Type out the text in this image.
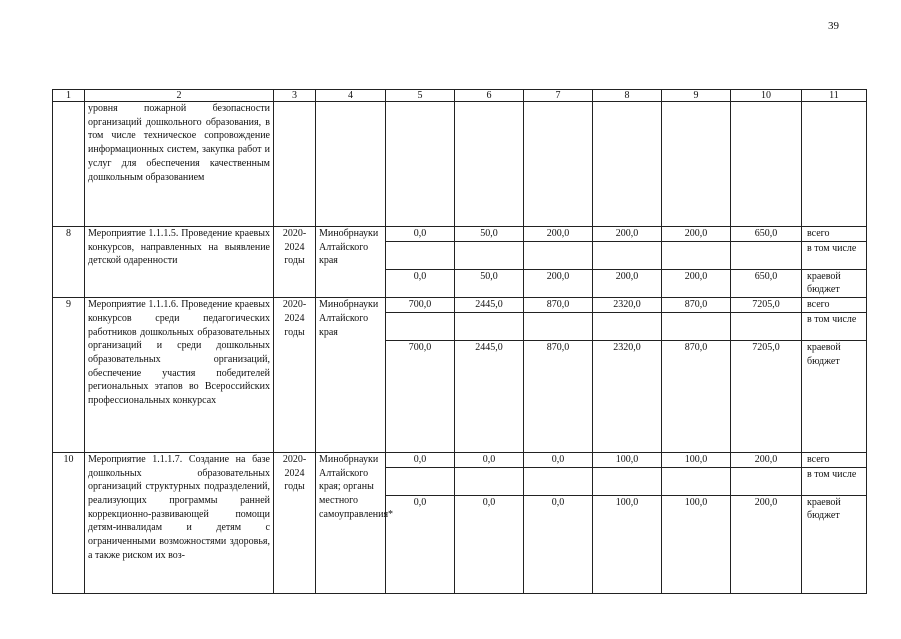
39
1	2	3	4	5	6	7	8	9	10	11
	уровня пожарной безопасности организаций дошкольного образования, в том числе техническое сопровождение информационных систем, закупка работ и услуг для обеспечения качественным дошкольным образованием									
8	Мероприятие 1.1.1.5. Проведение краевых конкурсов, направленных на выявление детской одаренности	2020-2024 годы	Минобрнауки Алтайского края	0,0	50,0	200,0	200,0	200,0	650,0	всего
										в том числе
				0,0	50,0	200,0	200,0	200,0	650,0	краевой бюджет
9	Мероприятие 1.1.1.6. Проведение краевых конкурсов среди педагогических работников дошкольных образовательных организаций и среди дошкольных образовательных организаций, обеспечение участия победителей региональных этапов во Всероссийских профессиональных конкурсах	2020-2024 годы	Минобрнауки Алтайского края	700,0	2445,0	870,0	2320,0	870,0	7205,0	всего
										в том числе
				700,0	2445,0	870,0	2320,0	870,0	7205,0	краевой бюджет
10	Мероприятие 1.1.1.7. Создание на базе дошкольных образовательных организаций структурных подразделений, реализующих программы ранней коррекционно-развивающей помощи детям-инвалидам и детям с ограниченными возможностями здоровья, а также риском их воз-	2020-2024 годы	Минобрнауки Алтайского края; органы местного самоуправления*	0,0	0,0	0,0	100,0	100,0	200,0	всего
										в том числе
				0,0	0,0	0,0	100,0	100,0	200,0	краевой бюджет
